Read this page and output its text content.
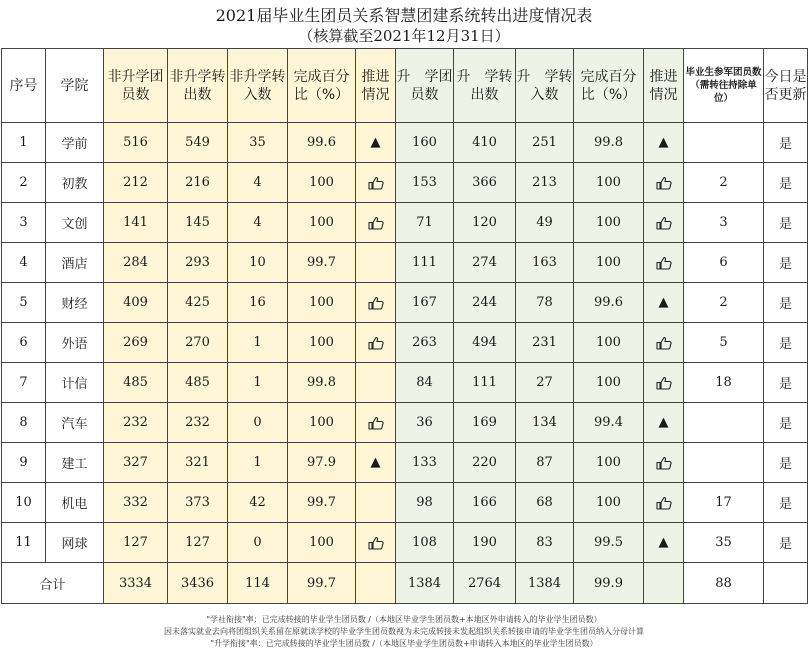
2021届毕业生团员关系智慧团建系统转出进度情况表
（核算截至2021年12月31日）
序号	学院	非升学团员数	非升学转出数	非升学转入数	完成百分比（%）	推进情况	升　学团员数	升　学转出数	升　学转入数	完成百分比（%）	推进情况	毕业生参军团员数（需转往持除单位）	今日是否更新
1	学前	516	549	35	99.6	▲	160	410	251	99.8	▲		是
2	初教	212	216	4	100		153	366	213	100		2	是
3	文创	141	145	4	100		71	120	49	100		3	是
4	酒店	284	293	10	99.7		111	274	163	100		6	是
5	财经	409	425	16	100		167	244	78	99.6	▲	2	是
6	外语	269	270	1	100		263	494	231	100		5	是
7	计信	485	485	1	99.8		84	111	27	100		18	是
8	汽车	232	232	0	100		36	169	134	99.4	▲		是
9	建工	327	321	1	97.9	▲	133	220	87	100			是
10	机电	332	373	42	99.7		98	166	68	100		17	是
11	网球	127	127	0	100		108	190	83	99.5	▲	35	是
合计		3334	3436	114	99.7		1384	2764	1384	99.9		88	
"学社衔接"率：已完成转接的毕业学生团员数 /（本地区毕业学生团员数+本地区外申请转入的毕业学生团员数）
因未落实就业去向将团组织关系留在原就读学校的毕业学生团员数视为未完成转接未发起组织关系转接申请的毕业学生团员纳入分母计算
"升学衔接"率：已完成转接的毕业学生团员数 /（本地区毕业学生团员数+申请转入本地区的毕业学生团员数）
